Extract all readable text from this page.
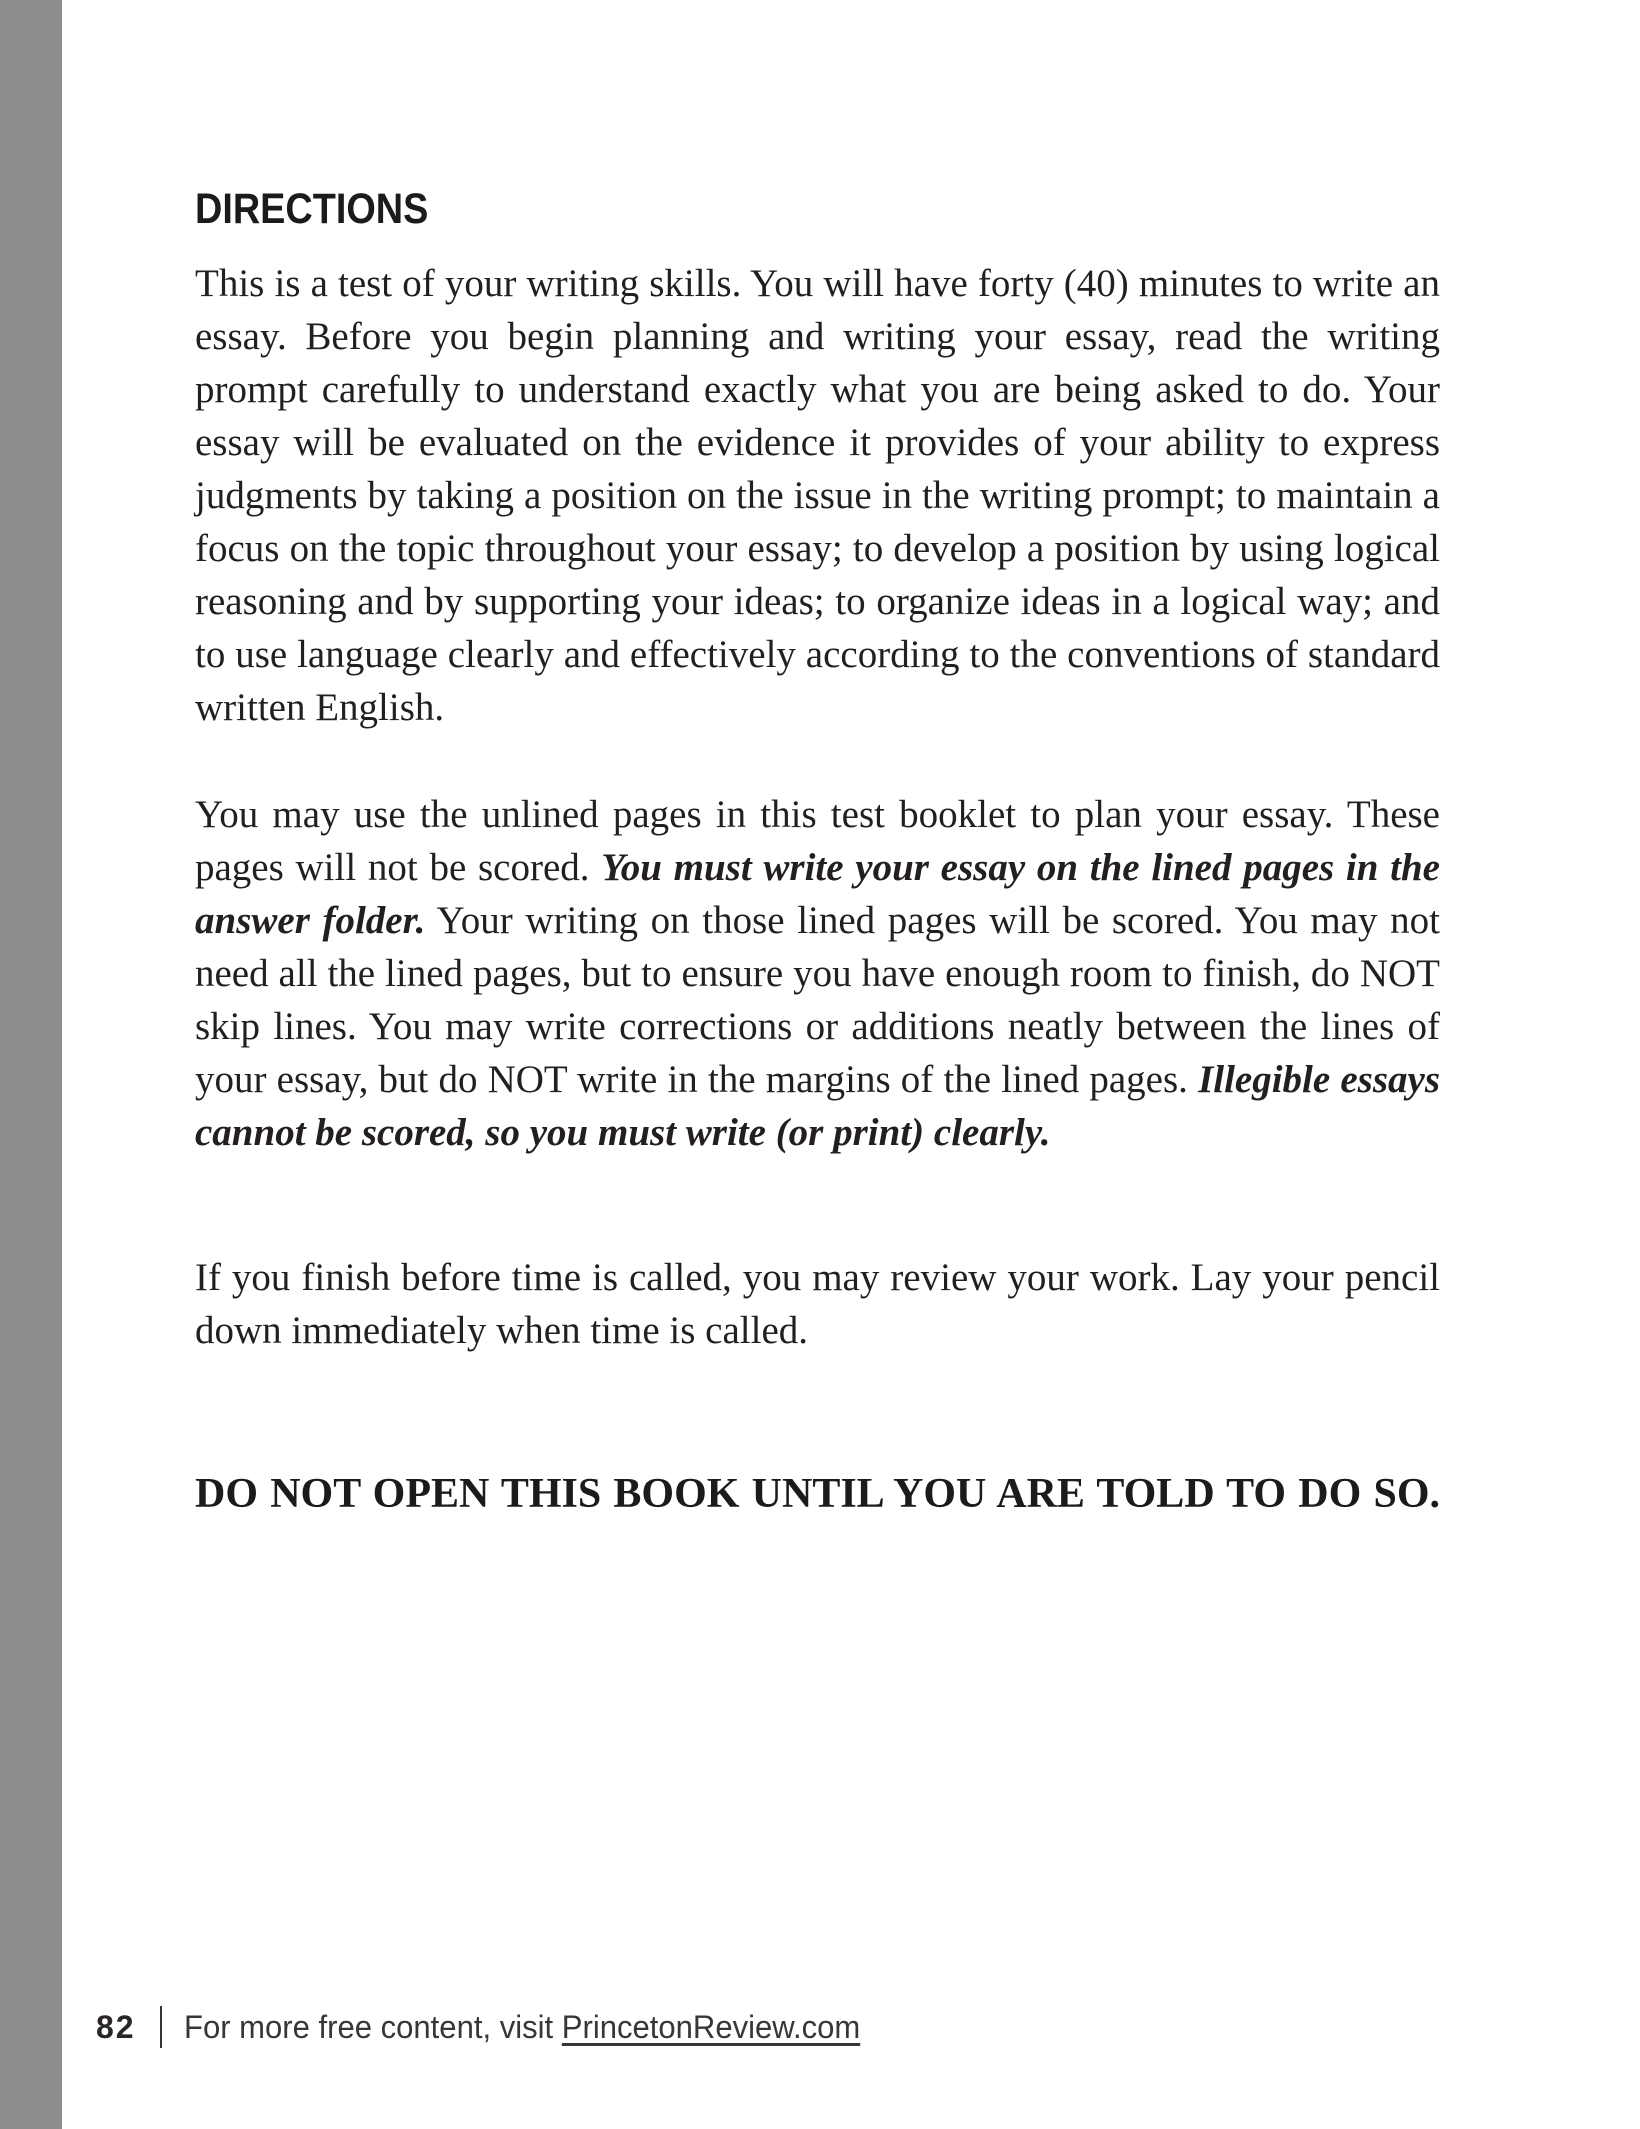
DIRECTIONS

This is a test of your writing skills. You will have forty (40) minutes to write an essay. Before you begin planning and writing your essay, read the writing prompt carefully to understand exactly what you are being asked to do. Your essay will be evaluated on the evidence it provides of your ability to express judgments by taking a position on the issue in the writing prompt; to maintain a focus on the topic throughout your essay; to develop a position by using logical reasoning and by supporting your ideas; to organize ideas in a logical way; and to use language clearly and effectively according to the conventions of standard written English.

You may use the unlined pages in this test booklet to plan your essay. These pages will not be scored. You must write your essay on the lined pages in the answer folder. Your writing on those lined pages will be scored. You may not need all the lined pages, but to ensure you have enough room to finish, do NOT skip lines. You may write corrections or additions neatly between the lines of your essay, but do NOT write in the margins of the lined pages. Illegible essays cannot be scored, so you must write (or print) clearly.

If you finish before time is called, you may review your work. Lay your pencil down immediately when time is called.

DO NOT OPEN THIS BOOK UNTIL YOU ARE TOLD TO DO SO.

82 For more free content, visit PrincetonReview.com
